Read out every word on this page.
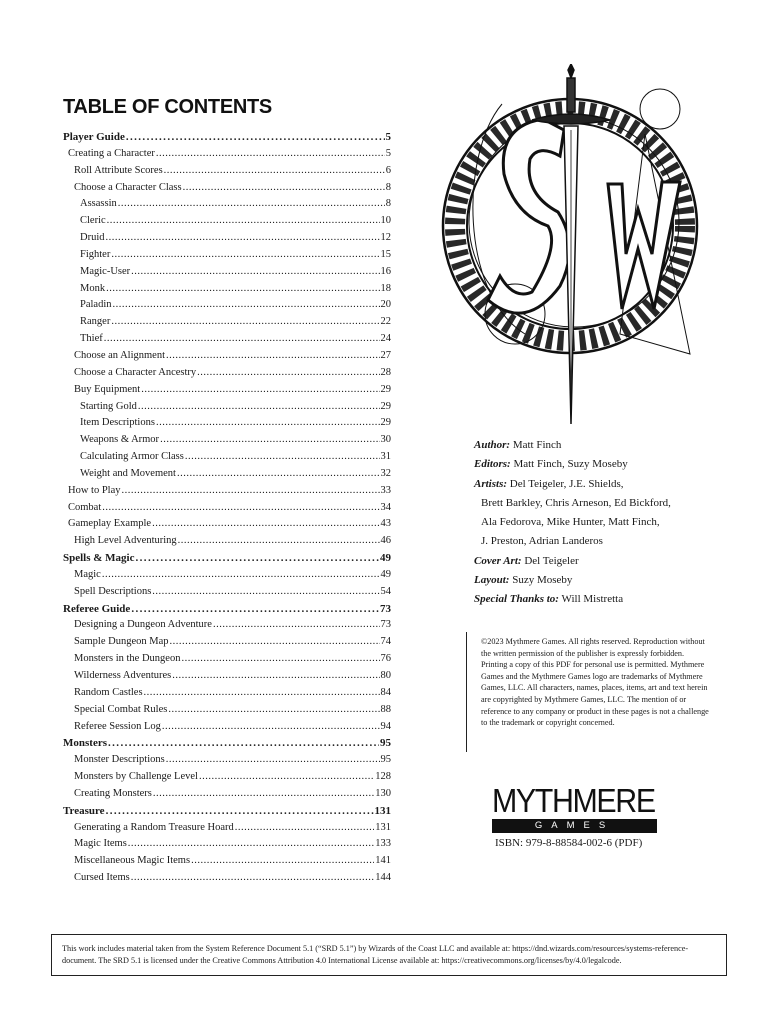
TABLE OF CONTENTS
Player Guide .....	5
Creating a Character .....	5
Roll Attribute Scores .....	6
Choose a Character Class .....	8
Assassin .....	8
Cleric .....	10
Druid .....	12
Fighter .....	15
Magic-User .....	16
Monk .....	18
Paladin .....	20
Ranger .....	22
Thief .....	24
Choose an Alignment .....	27
Choose a Character Ancestry .....	28
Buy Equipment .....	29
Starting Gold .....	29
Item Descriptions .....	29
Weapons & Armor .....	30
Calculating Armor Class .....	31
Weight and Movement .....	32
How to Play .....	33
Combat .....	34
Gameplay Example .....	43
High Level Adventuring .....	46
Spells & Magic .....	49
Magic .....	49
Spell Descriptions .....	54
Referee Guide .....	73
Designing a Dungeon Adventure .....	73
Sample Dungeon Map .....	74
Monsters in the Dungeon .....	76
Wilderness Adventures .....	80
Random Castles .....	84
Special Combat Rules .....	88
Referee Session Log .....	94
Monsters .....	95
Monster Descriptions .....	95
Monsters by Challenge Level .....	128
Creating Monsters .....	130
Treasure .....	131
Generating a Random Treasure Hoard .....	131
Magic Items .....	133
Miscellaneous Magic Items .....	141
Cursed Items .....	144
Author: Matt Finch
Editors: Matt Finch, Suzy Moseby
Artists: Del Teigeler, J.E. Shields,
Brett Barkley, Chris Arneson, Ed Bickford,
Ala Fedorova, Mike Hunter, Matt Finch,
J. Preston, Adrian Landeros
Cover Art: Del Teigeler
Layout: Suzy Moseby
Special Thanks to: Will Mistretta
©2023 Mythmere Games. All rights reserved. Reproduction without the written permission of the publisher is expressly forbidden. Printing a copy of this PDF for personal use is permitted. Mythmere Games and the Mythmere Games logo are trademarks of Mythmere Games, LLC. All characters, names, places, items, art and text herein are copyrighted by Mythmere Games, LLC. The mention of or reference to any company or product in these pages is not a challenge to the trademark or copyright concerned.
MYTHMERE
GAMES
ISBN: 979-8-88584-002-6 (PDF)
This work includes material taken from the System Reference Document 5.1 (“SRD 5.1”) by Wizards of the Coast LLC and available at: https://dnd.wizards.com/resources/systems-reference-document. The SRD 5.1 is licensed under the Creative Commons Attribution 4.0 International License available at: https://creativecommons.org/licenses/by/4.0/legalcode.
